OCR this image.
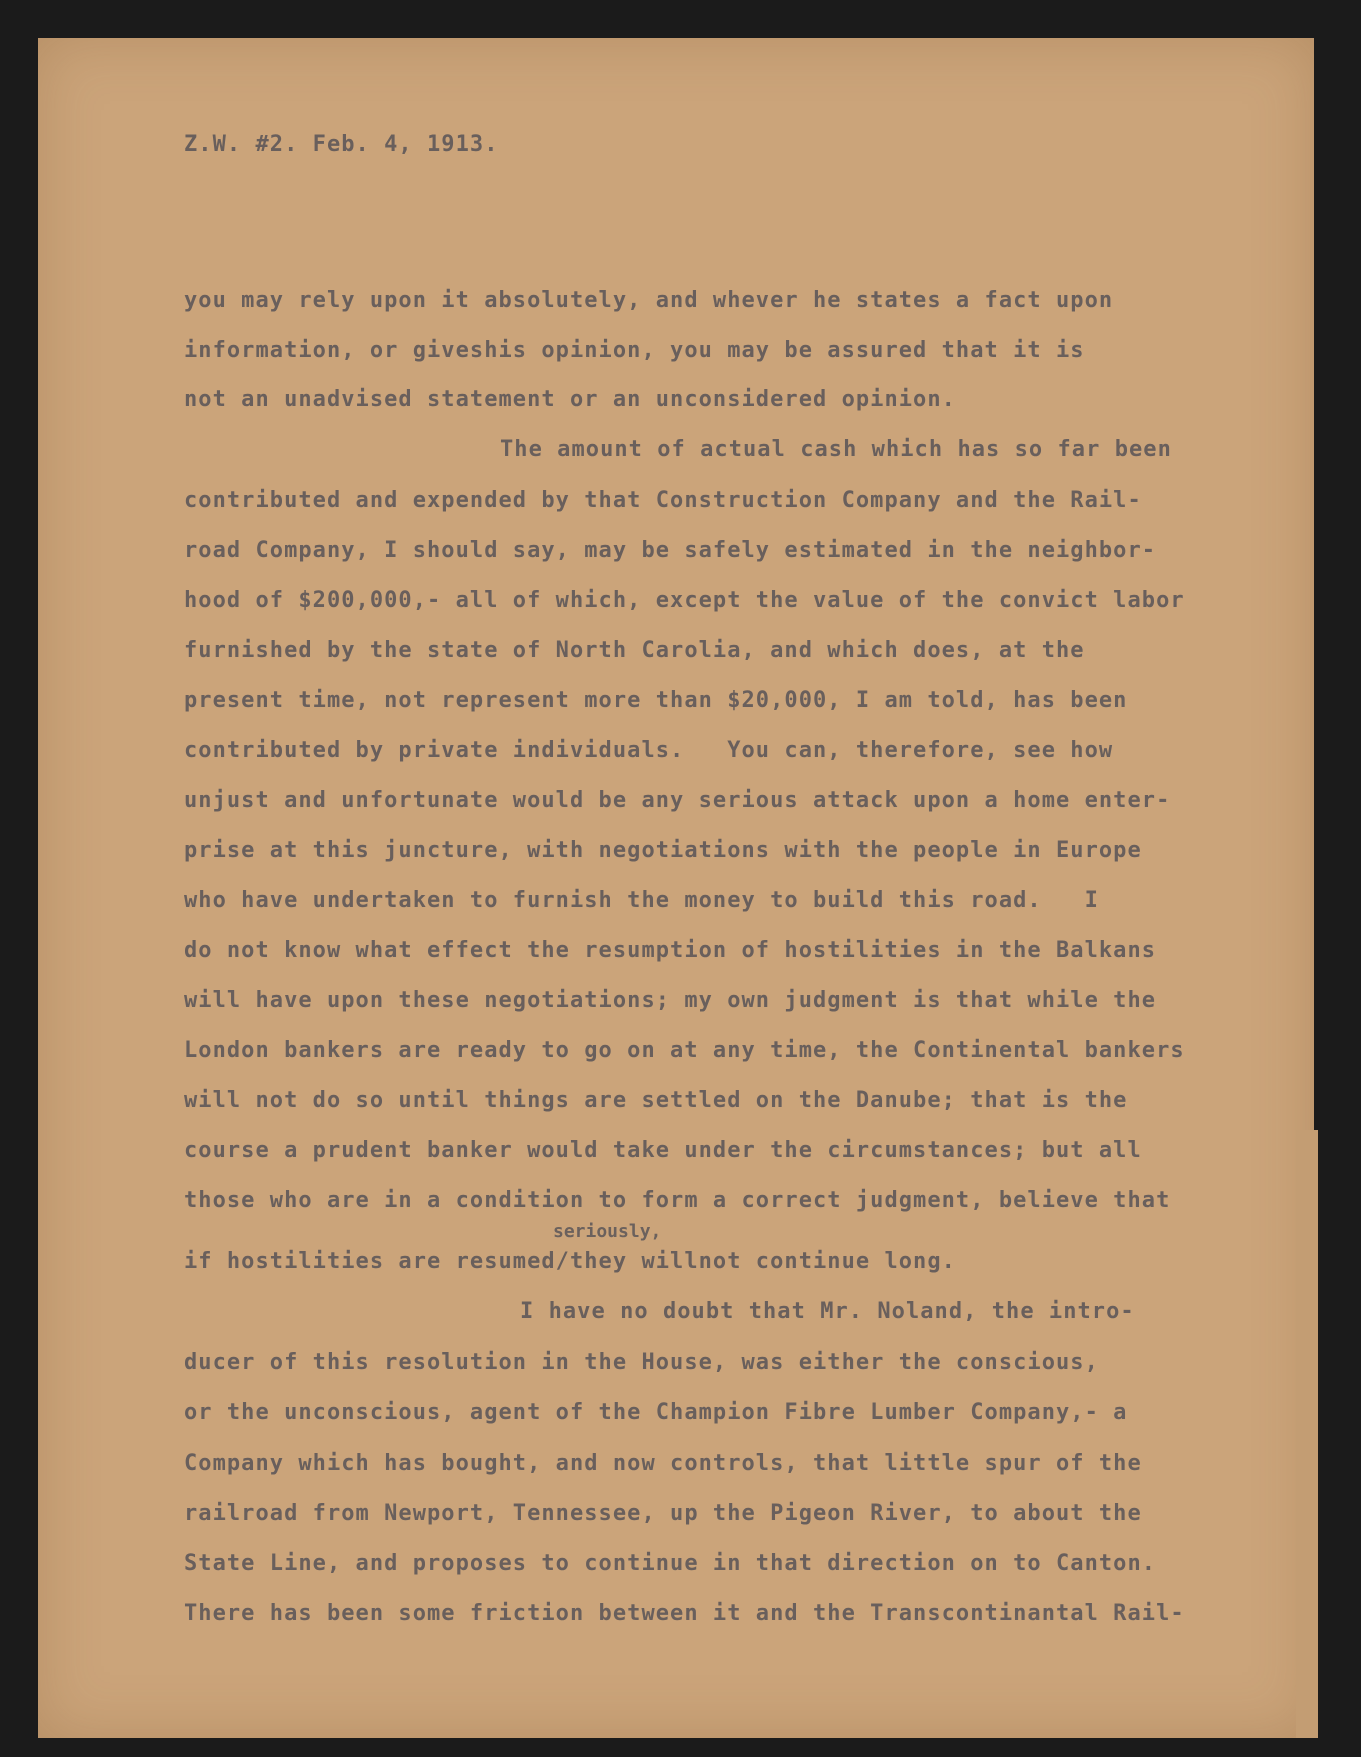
Z.W. #2. Feb. 4, 1913.
you may rely upon it absolutely, and whever he states a fact upon
information, or giveshis opinion, you may be assured that it is
not an unadvised statement or an unconsidered opinion.
The amount of actual cash which has so far been
contributed and expended by that Construction Company and the Rail-
road Company, I should say, may be safely estimated in the neighbor-
hood of $200,000,- all of which, except the value of the convict labor
furnished by the state of North Carolia, and which does, at the
present time, not represent more than $20,000, I am told, has been
contributed by private individuals.   You can, therefore, see how
unjust and unfortunate would be any serious attack upon a home enter-
prise at this juncture, with negotiations with the people in Europe
who have undertaken to furnish the money to build this road.   I
do not know what effect the resumption of hostilities in the Balkans
will have upon these negotiations; my own judgment is that while the
London bankers are ready to go on at any time, the Continental bankers
will not do so until things are settled on the Danube; that is the
course a prudent banker would take under the circumstances; but all
those who are in a condition to form a correct judgment, believe that
seriously,
if hostilities are resumed/they willnot continue long.
I have no doubt that Mr. Noland, the intro-
ducer of this resolution in the House, was either the conscious,
or the unconscious, agent of the Champion Fibre Lumber Company,- a
Company which has bought, and now controls, that little spur of the
railroad from Newport, Tennessee, up the Pigeon River, to about the
State Line, and proposes to continue in that direction on to Canton.
There has been some friction between it and the Transcontinantal Rail-
